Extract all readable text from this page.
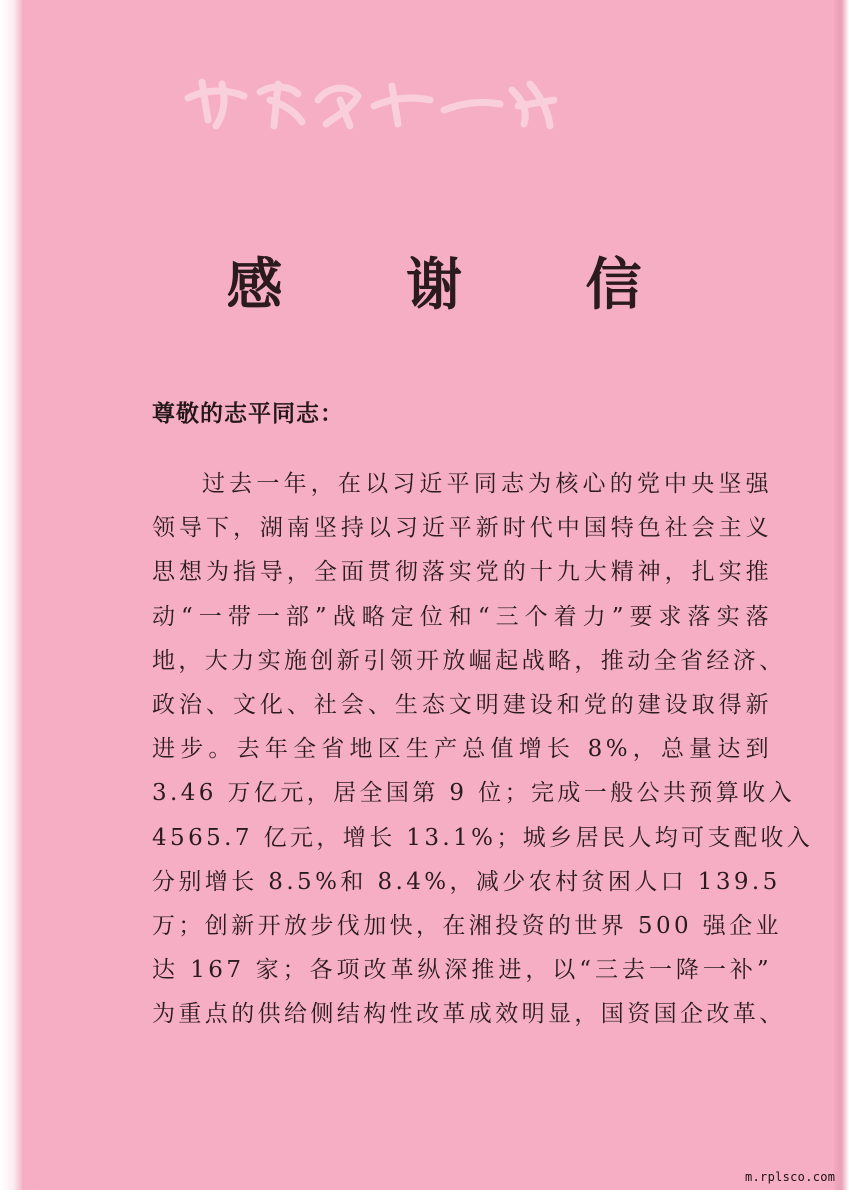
感 谢 信
尊敬的志平同志：
过去一年，在以习近平同志为核心的党中央坚强
领导下，湖南坚持以习近平新时代中国特色社会主义
思想为指导，全面贯彻落实党的十九大精神，扎实推
动“一带一部”战略定位和“三个着力”要求落实落
地，大力实施创新引领开放崛起战略，推动全省经济、
政治、文化、社会、生态文明建设和党的建设取得新
进步。去年全省地区生产总值增长 8%，总量达到
3.46 万亿元，居全国第 9 位；完成一般公共预算收入
4565.7 亿元，增长 13.1%；城乡居民人均可支配收入
分别增长 8.5%和 8.4%，减少农村贫困人口 139.5
万；创新开放步伐加快，在湘投资的世界 500 强企业
达 167 家；各项改革纵深推进，以“三去一降一补”
为重点的供给侧结构性改革成效明显，国资国企改革、
m.rplsco.com
